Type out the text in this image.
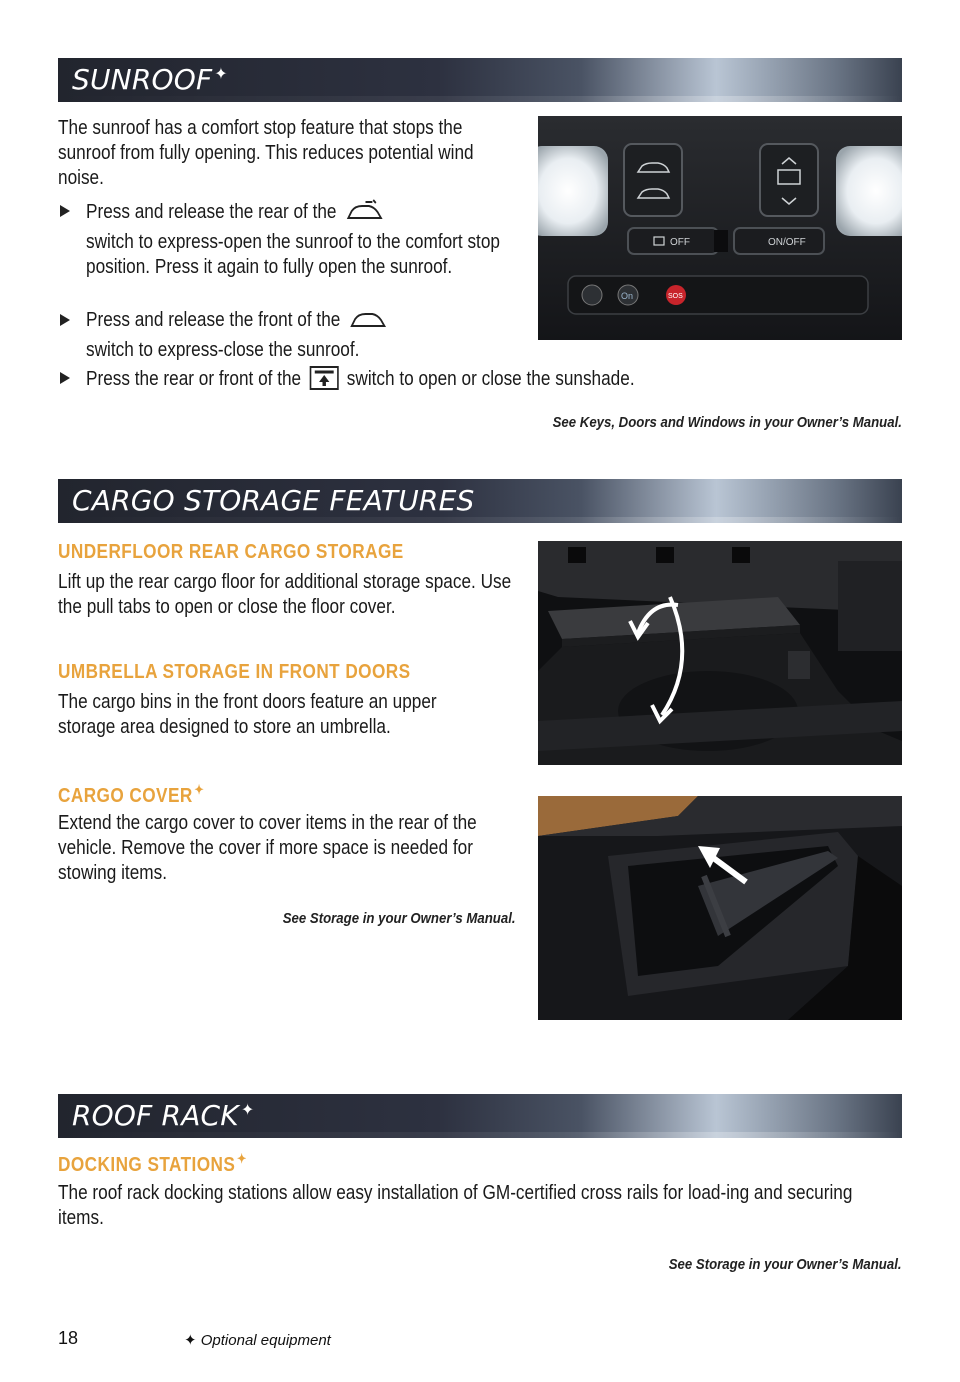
SUNROOF ✦
The sunroof has a comfort stop feature that stops the sunroof from fully opening. This reduces potential wind noise.
Press and release the rear of the
switch to express-open the sunroof to the comfort stop position. Press it again to fully open the sunroof.
Press and release the front of the
switch to express-close the sunroof.
Press the rear or front of the switch to open or close the sunshade.
See Keys, Doors and Windows in your Owner’s Manual.
OFF	ON/OFF
On	SOS
CARGO STORAGE FEATURES
UNDERFLOOR REAR CARGO STORAGE
Lift up the rear cargo floor for additional storage space. Use the pull tabs to open or close the floor cover.
UMBRELLA STORAGE IN FRONT DOORS
The cargo bins in the front doors feature an upper storage area designed to store an umbrella.
CARGO COVER ✦
Extend the cargo cover to cover items in the rear of the vehicle. Remove the cover if more space is needed for stowing items.
See Storage in your Owner’s Manual.
ROOF RACK ✦
DOCKING STATIONS ✦
The roof rack docking stations allow easy installation of GM-certified cross rails for load-ing and securing items.
See Storage in your Owner’s Manual.
18	✦ Optional equipment
